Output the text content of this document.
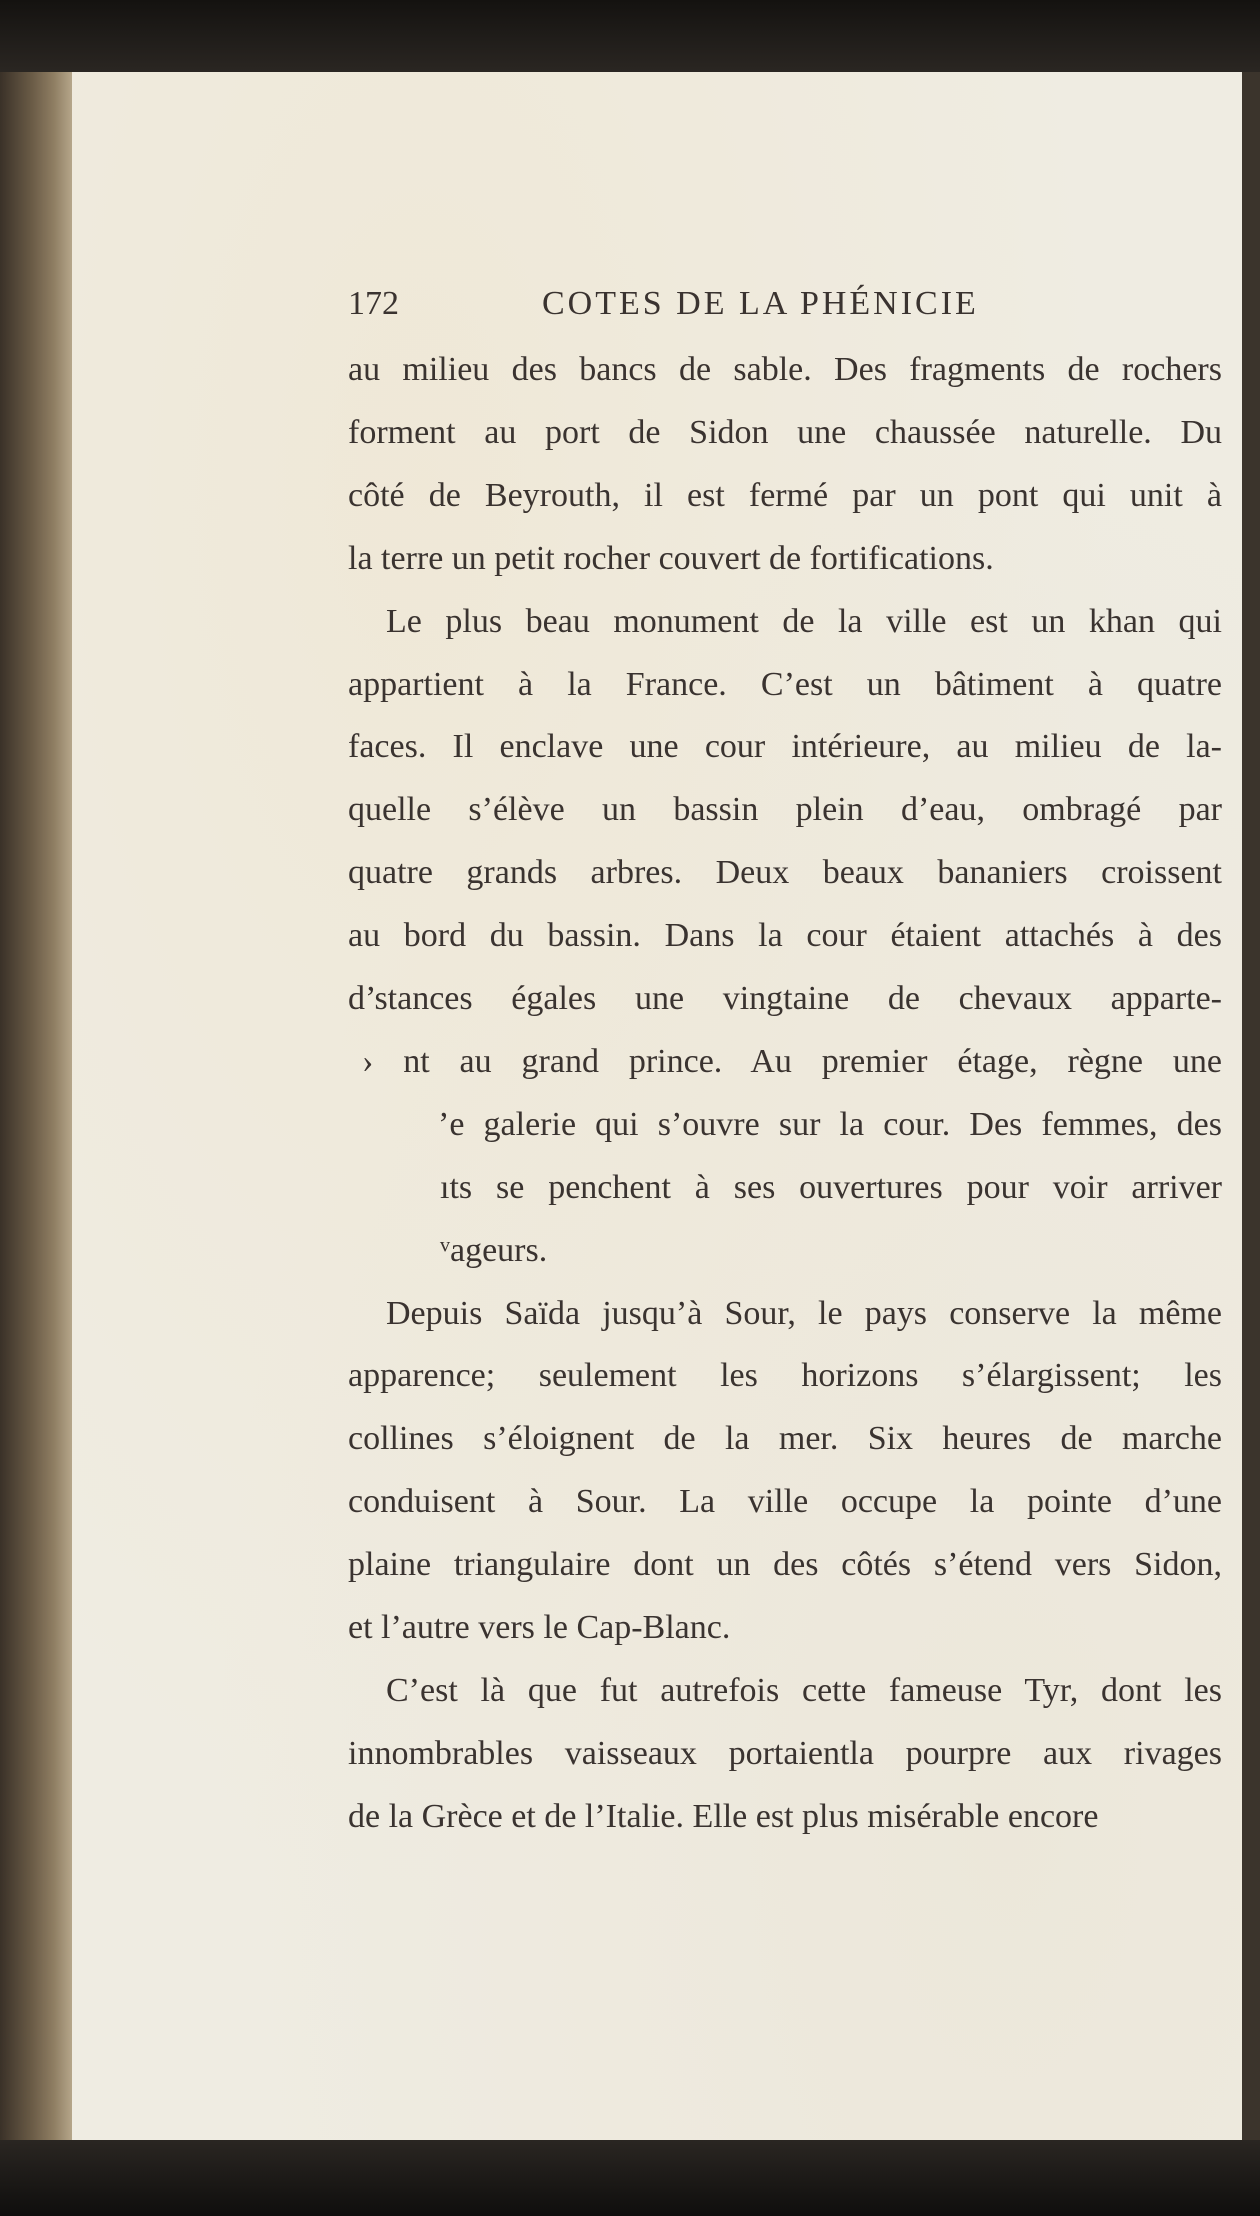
172	COTES DE LA PHÉNICIE
au milieu des bancs de sable. Des fragments de rochers
forment au port de Sidon une chaussée naturelle. Du
côté de Beyrouth, il est fermé par un pont qui unit à
la terre un petit rocher couvert de fortifications.
Le plus beau monument de la ville est un khan qui
appartient à la France. C’est un bâtiment à quatre
faces. Il enclave une cour intérieure, au milieu de la-
quelle s’élève un bassin plein d’eau, ombragé par
quatre grands arbres. Deux beaux bananiers croissent
au bord du bassin. Dans la cour étaient attachés à des
d’stances égales une vingtaine de chevaux apparte-
› nt au grand prince. Au premier étage, règne une
’e galerie qui s’ouvre sur la cour. Des femmes, des
ıts se penchent à ses ouvertures pour voir arriver
ᵛageurs.
Depuis Saïda jusqu’à Sour, le pays conserve la même
apparence; seulement les horizons s’élargissent; les
collines s’éloignent de la mer. Six heures de marche
conduisent à Sour. La ville occupe la pointe d’une
plaine triangulaire dont un des côtés s’étend vers Sidon,
et l’autre vers le Cap-Blanc.
C’est là que fut autrefois cette fameuse Tyr, dont les
innombrables vaisseaux portaientla pourpre aux rivages
de la Grèce et de l’Italie. Elle est plus misérable encore
